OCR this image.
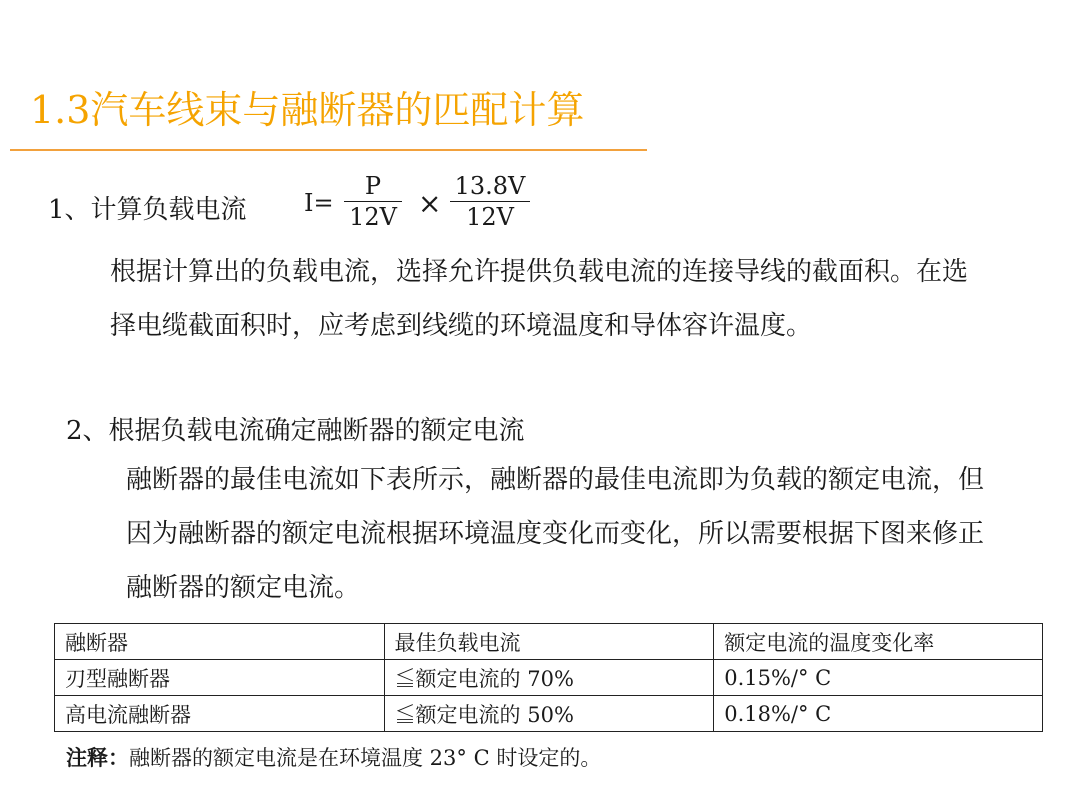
1.3汽车线束与融断器的匹配计算
1、计算负载电流 I=
P
12V ×
13.8V
12V
根据计算出的负载电流，选择允许提供负载电流的连接导线的截面积。在选择电缆截面积时，应考虑到线缆的环境温度和导体容许温度。
2、根据负载电流确定融断器的额定电流
融断器的最佳电流如下表所示，融断器的最佳电流即为负载的额定电流，但因为融断器的额定电流根据环境温度变化而变化，所以需要根据下图来修正融断器的额定电流。
融断器	最佳负载电流	额定电流的温度变化率
刃型融断器	≦额定电流的 70%	0.15%/° C
高电流融断器	≦额定电流的 50%	0.18%/° C
注释：融断器的额定电流是在环境温度 23° C 时设定的。
